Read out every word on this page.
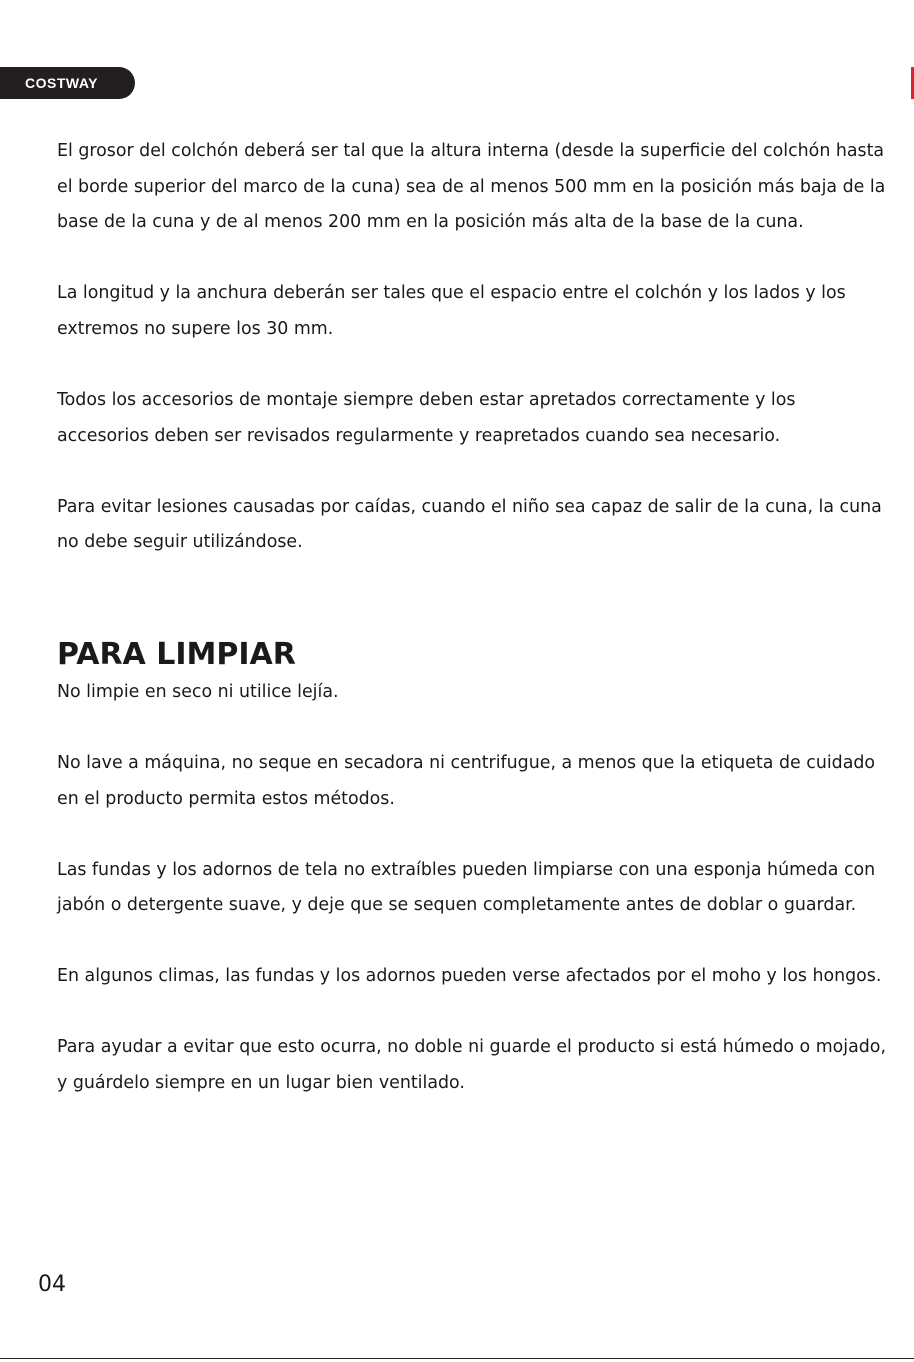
COSTWAY

El grosor del colchón deberá ser tal que la altura interna (desde la superficie del colchón hasta el borde superior del marco de la cuna) sea de al menos 500 mm en la posición más baja de la base de la cuna y de al menos 200 mm en la posición más alta de la base de la cuna.

La longitud y la anchura deberán ser tales que el espacio entre el colchón y los lados y los extremos no supere los 30 mm.

Todos los accesorios de montaje siempre deben estar apretados correctamente y los accesorios deben ser revisados regularmente y reapretados cuando sea necesario.

Para evitar lesiones causadas por caídas, cuando el niño sea capaz de salir de la cuna, la cuna no debe seguir utilizándose.

PARA LIMPIAR

No limpie en seco ni utilice lejía.

No lave a máquina, no seque en secadora ni centrifugue, a menos que la etiqueta de cuidado en el producto permita estos métodos.

Las fundas y los adornos de tela no extraíbles pueden limpiarse con una esponja húmeda con jabón o detergente suave, y deje que se sequen completamente antes de doblar o guardar.

En algunos climas, las fundas y los adornos pueden verse afectados por el moho y los hongos.

Para ayudar a evitar que esto ocurra, no doble ni guarde el producto si está húmedo o mojado, y guárdelo siempre en un lugar bien ventilado.

04
